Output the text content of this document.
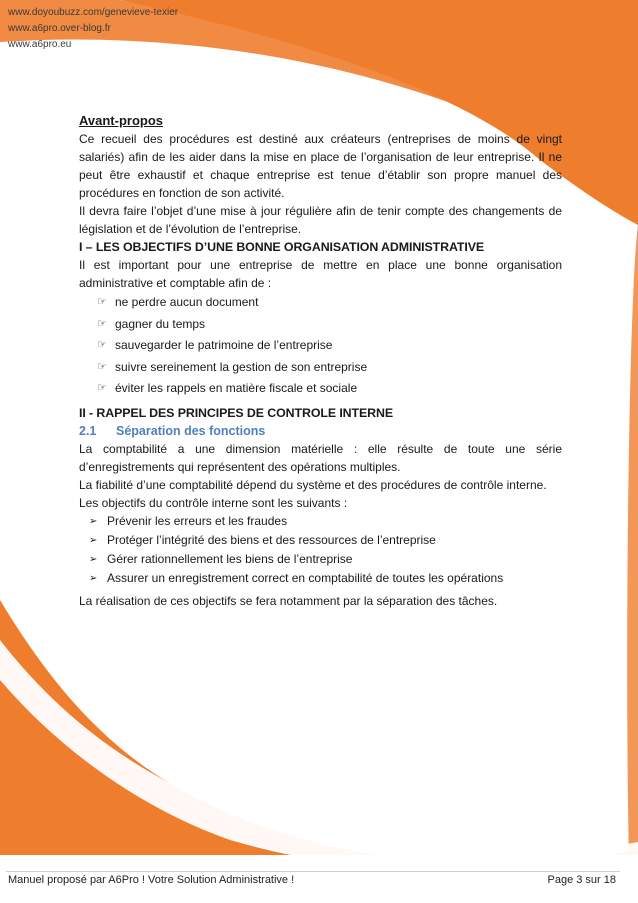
www.doyoubuzz.com/genevieve-texier
www.a6pro.over-blog.fr
www.a6pro.eu

Avant-propos

Ce recueil des procédures est destiné aux créateurs (entreprises de moins de vingt salariés) afin de les aider dans la mise en place de l’organisation de leur entreprise. Il ne peut être exhaustif et chaque entreprise est tenue d’établir son propre manuel des procédures en fonction de son activité.

Il devra faire l’objet d’une mise à jour régulière afin de tenir compte des changements de législation et de l’évolution de l’entreprise.

I – LES OBJECTIFS D’UNE BONNE ORGANISATION ADMINISTRATIVE

Il est important pour une entreprise de mettre en place une bonne organisation administrative et comptable afin de :

☞ ne perdre aucun document
☞ gagner du temps
☞ sauvegarder le patrimoine de l’entreprise
☞ suivre sereinement la gestion de son entreprise
☞ éviter les rappels en matière fiscale et sociale

II - RAPPEL DES PRINCIPES DE CONTROLE INTERNE

2.1	Séparation des fonctions

La comptabilité a une dimension matérielle : elle résulte de toute une série d’enregistrements qui représentent des opérations multiples.

La fiabilité d’une comptabilité dépend du système et des procédures de contrôle interne.

Les objectifs du contrôle interne sont les suivants :

➢ Prévenir les erreurs et les fraudes
➢ Protéger l’intégrité des biens et des ressources de l’entreprise
➢ Gérer rationnellement les biens de l’entreprise
➢ Assurer un enregistrement correct en comptabilité de toutes les opérations

La réalisation de ces objectifs se fera notamment par la séparation des tâches.

Manuel proposé par A6Pro ! Votre Solution Administrative !	Page 3 sur 18
